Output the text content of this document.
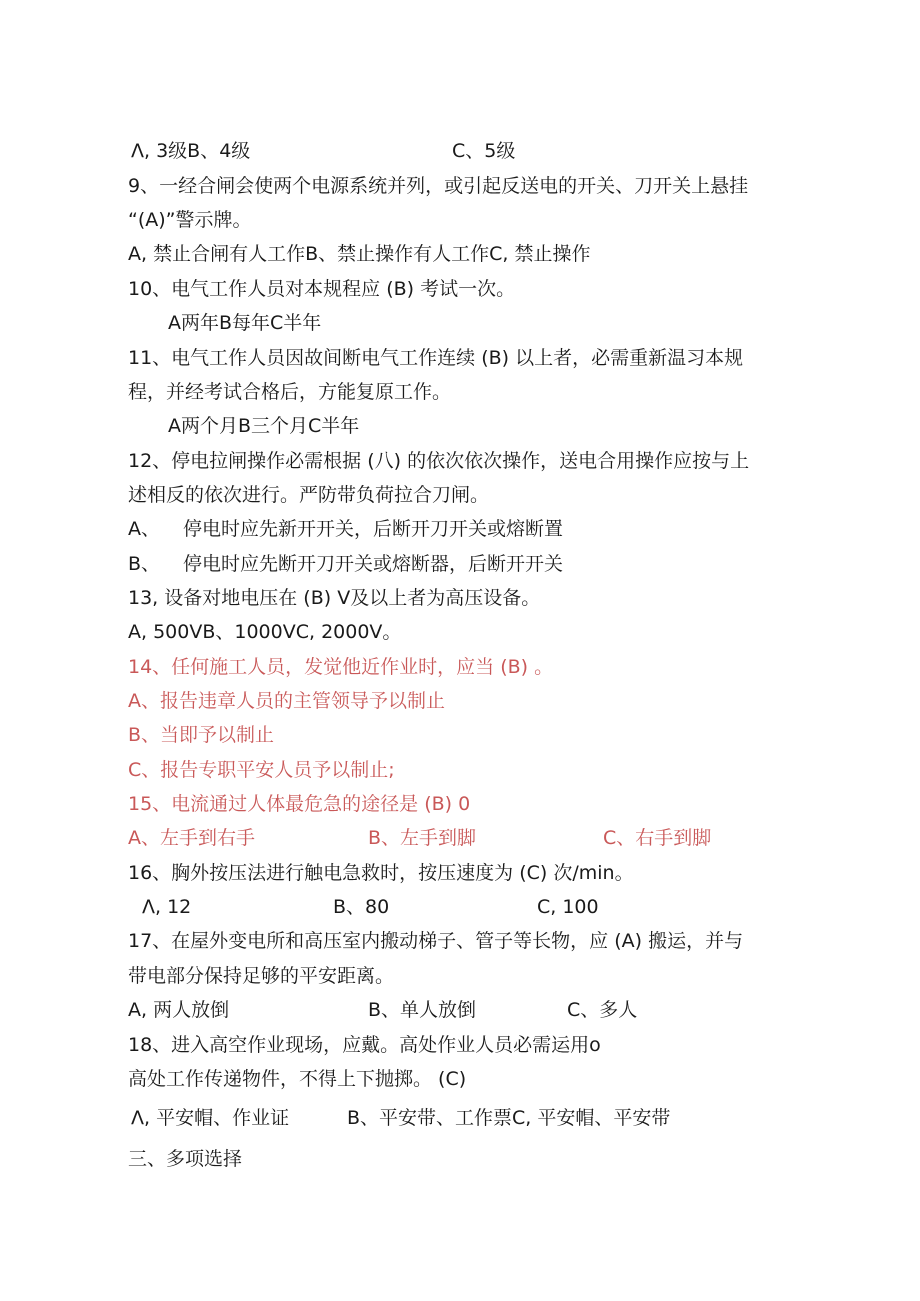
Λ, 3级B、4级	C、5级
9、一经合闸会使两个电源系统并列，或引起反送电的开关、刀开关上悬挂
“(A)”警示牌。
A, 禁止合闸有人工作B、禁止操作有人工作C, 禁止操作
10、电气工作人员对本规程应 (B) 考试一次。
A两年B每年C半年
11、电气工作人员因故间断电气工作连续 (B) 以上者，必需重新温习本规
程，并经考试合格后，方能复原工作。
A两个月B三个月C半年
12、停电拉闸操作必需根据 (八) 的依次依次操作，送电合用操作应按与上
述相反的依次进行。严防带负荷拉合刀闸。
A、 停电时应先新开开关，后断开刀开关或熔断置
B、 停电时应先断开刀开关或熔断器，后断开开关
13, 设备对地电压在 (B) V及以上者为高压设备。
A, 500VB、1000VC, 2000V。
14、任何施工人员，发觉他近作业时，应当 (B) 。
A、报告违章人员的主管领导予以制止
B、当即予以制止
C、报告专职平安人员予以制止;
15、电流通过人体最危急的途径是 (B) 0
A、左手到右手	B、左手到脚	C、右手到脚
16、胸外按压法进行触电急救时，按压速度为 (C) 次/min。
Λ, 12	B、80	C, 100
17、在屋外变电所和高压室内搬动梯子、管子等长物，应 (A) 搬运，并与
带电部分保持足够的平安距离。
A, 两人放倒	B、单人放倒	C、多人
18、进入高空作业现场，应戴。高处作业人员必需运用o
高处工作传递物件，不得上下抛掷。 (C)
Λ, 平安帽、作业证	B、平安带、工作票C, 平安帽、平安带
三、多项选择
